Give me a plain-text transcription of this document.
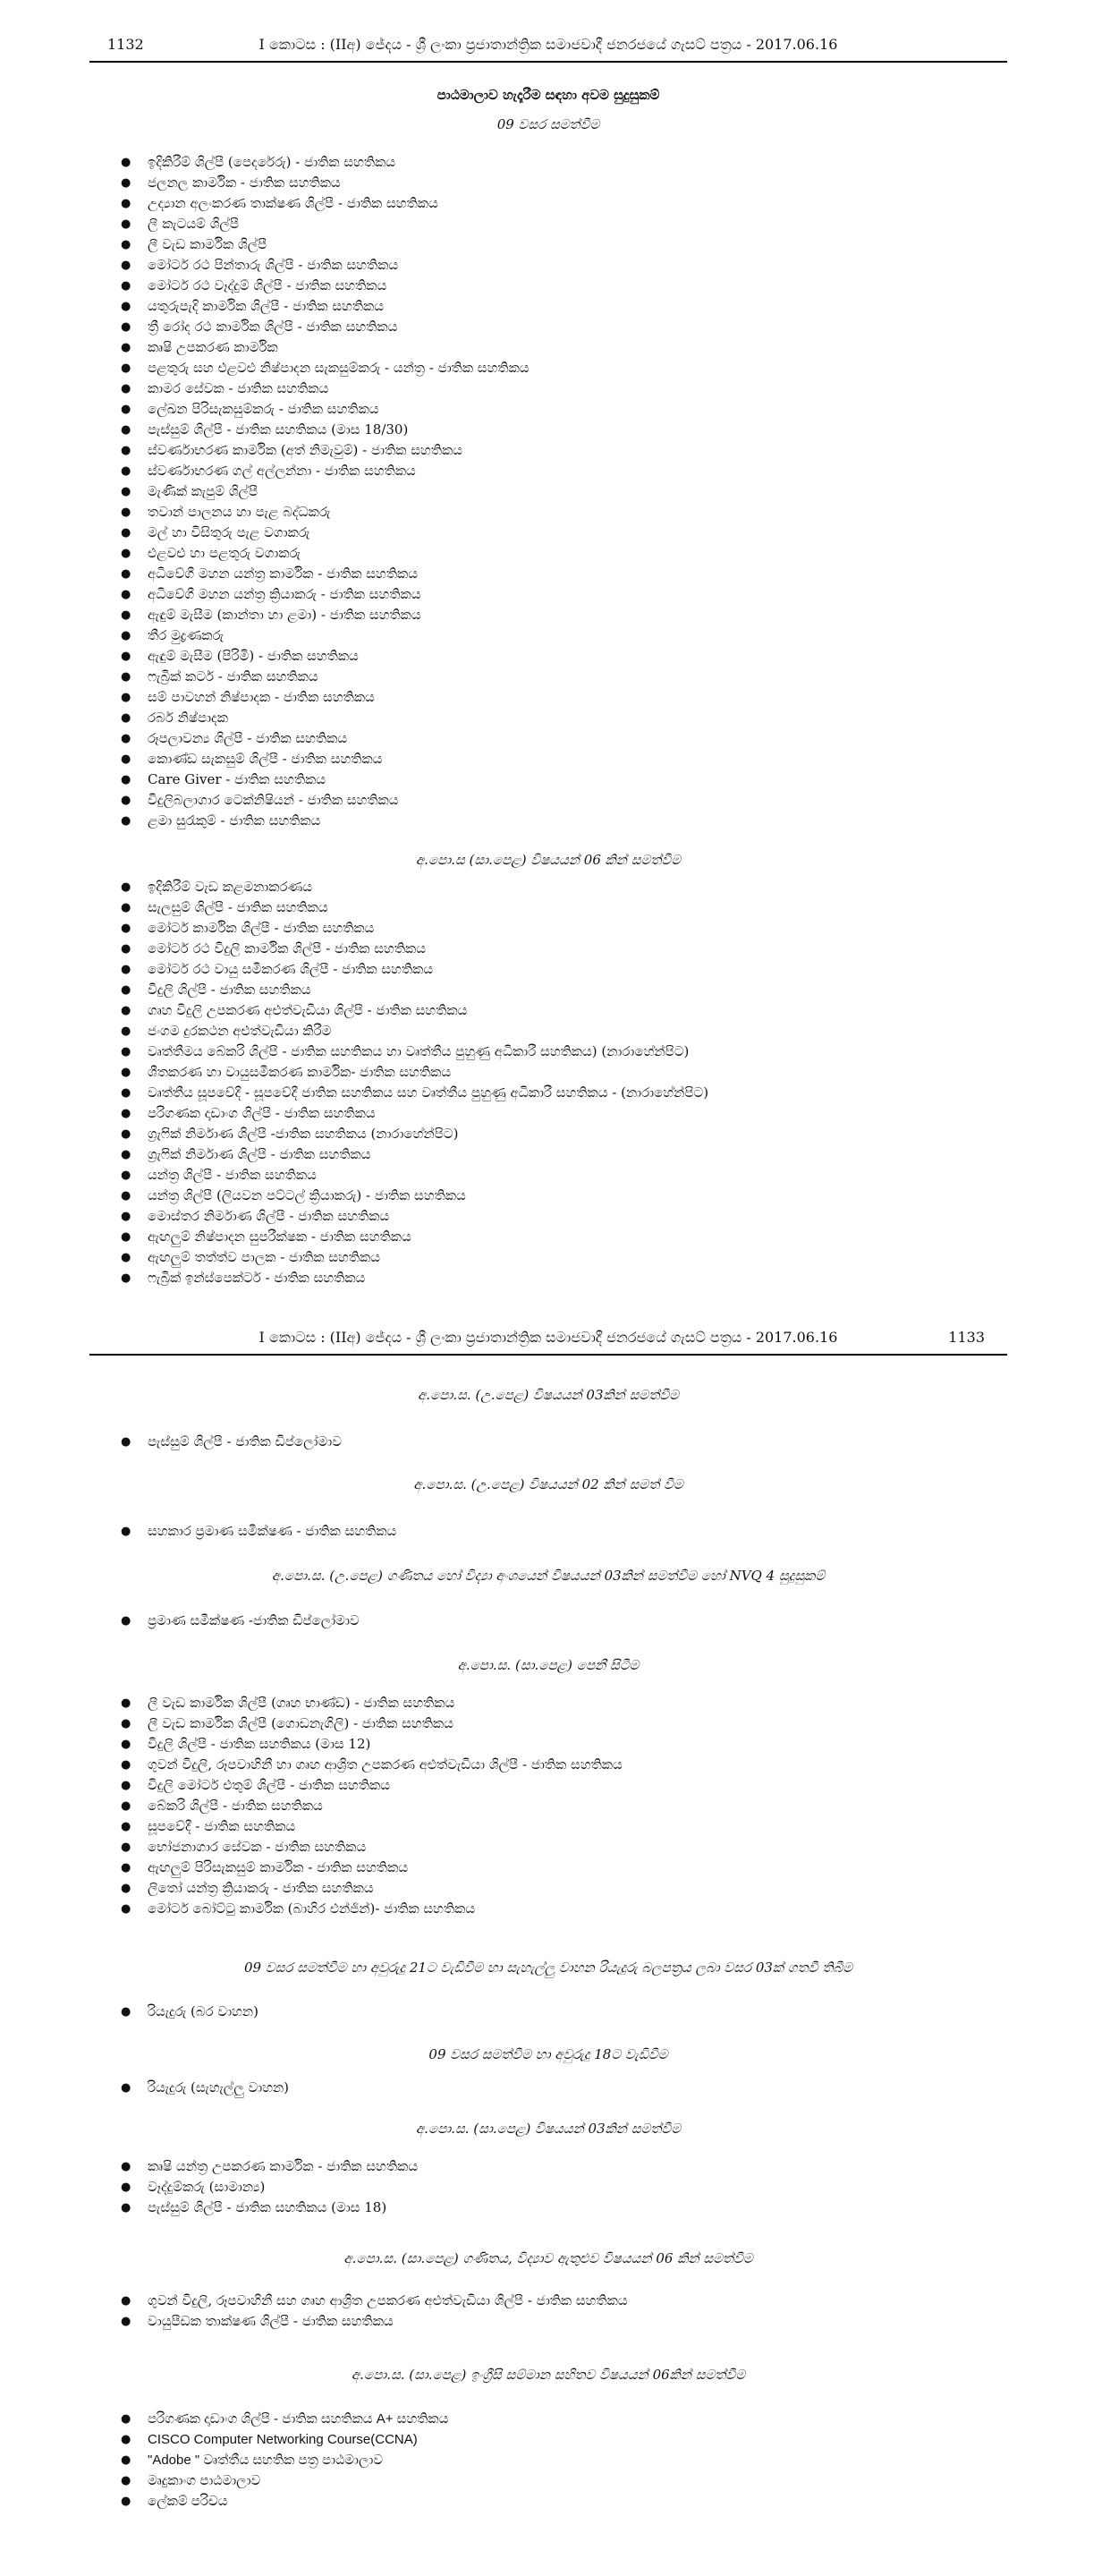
1132	I කොටස : (IIඅ) ජේදය - ශ්‍රී ලංකා ප්‍රජාතාන්ත්‍රික සමාජවාදී ජනරජයේ ගැසට් පත්‍රය - 2017.06.16
පාඨමාලාව හැදෑරීම සඳහා අවම සුදුසුකම්
09 වසර සමත්වීම
● ඉදිකිරීම් ශිල්පී (පෙදරේරු) - ජාතික සහතිකය
● ජලනල කාර්මික - ජාතික සහතිකය
● උද්‍යාන අලංකරණ තාක්ෂණ ශිල්පී - ජාතික සහතිකය
● ලී කැටයම් ශිල්පී
● ලී වැඩ කාර්මික ශිල්පී
● මෝටර් රථ පින්තාරු ශිල්පී - ජාතික සහතිකය
● මෝටර් රථ වෑද්දුම් ශිල්පී - ජාතික සහතිකය
● යතුරුපැදි කාර්මික ශිල්පී - ජාතික සහතිකය
● ත්‍රී රෝද රථ කාර්මික ශිල්පී - ජාතික සහතිකය
● කෘෂි උපකරණ කාර්මික
● පළතුරු සහ එළවළු නිෂ්පාදන සැකසුම්කරු - යන්ත්‍ර - ජාතික සහතිකය
● කාමර සේවක - ජාතික සහතිකය
● ලේඛන පිරිසැකසුම්කරු - ජාතික සහතිකය
● පැස්සුම් ශිල්පී - ජාතික සහතිකය (මාස 18/30)
● ස්වර්ණාභරණ කාර්මික (අත් නිමැවුම්) - ජාතික සහතිකය
● ස්වර්ණාභරණ ගල් අල්ලන්නා - ජාතික සහතිකය
● මැණික් කැපුම් ශිල්පී
● තවාන් පාලනය හා පැළ බද්ධකරු
● මල් හා විසිතුරු පැළ වගාකරු
● එළවළු හා පළතුරු වගාකරු
● අධිවේගී මහන යන්ත්‍ර කාර්මික - ජාතික සහතිකය
● අධිවේගී මහන යන්ත්‍ර ක්‍රියාකරු - ජාතික සහතිකය
● ඇඳුම් මැසීම (කාන්තා හා ළමා) - ජාතික සහතිකය
● තීර මුද්‍රණකරු
● ඇඳුම් මැසීම (පිරිමි) - ජාතික සහතිකය
● ෆැබ්‍රික් කටර් - ජාතික සහතිකය
● සම් පාවහන් නිෂ්පාදක - ජාතික සහතිකය
● රබර් නිෂ්පාදක
● රූපලාවන්‍ය ශිල්පී - ජාතික සහතිකය
● කොණ්ඩ සැකසුම් ශිල්පී - ජාතික සහතිකය
● Care Giver - ජාතික සහතිකය
● විදුලිබලාගාර ටෙක්නිෂියන් - ජාතික සහතිකය
● ළමා සුරැකුම් - ජාතික සහතිකය
අ.පො.ස (සා.පෙළ) විෂයයන් 06 කින් සමත්වීම
● ඉදිකිරීම් වැඩ කළමනාකරණය
● සැලසුම් ශිල්පී - ජාතික සහතිකය
● මෝටර් කාර්මික ශිල්පී - ජාතික සහතිකය
● මෝටර් රථ විදුලි කාර්මික ශිල්පී - ජාතික සහතිකය
● මෝටර් රථ වායු සමීකරණ ශිල්පී - ජාතික සහතිකය
● විදුලි ශිල්පී - ජාතික සහතිකය
● ගෘහ විදුලි උපකරණ අළුත්වැඩියා ශිල්පී - ජාතික සහතිකය
● ජංගම දුරකථන අළුත්වැඩියා කිරීම
● වෘත්තීමය බේකරි ශිල්පී - ජාතික සහතිකය හා වෘත්තීය පුහුණු අධිකාරී සහතිකය) (නාරාහේන්පිට)
● ශීතකරණ හා වායුසමීකරණ කාර්මික- ජාතික සහතිකය
● වෘත්තීය සූපවේදී - සූපවේදී ජාතික සහතිකය සහ වෘත්තීය පුහුණු අධිකාරී සහතිකය - (නාරාහේන්පිට)
● පරිගණක දෘඩාංග ශිල්පී - ජාතික සහතිකය
● ග්‍රැෆික් නිර්මාණ ශිල්පී -ජාතික සහතිකය (නාරාහේන්පිට)
● ග්‍රැෆික් නිර්මාණ ශිල්පී - ජාතික සහතිකය
● යන්ත්‍ර ශිල්පී - ජාතික සහතිකය
● යන්ත්‍ර ශිල්පී (ලියවන පට්ටල් ක්‍රියාකරු) - ජාතික සහතිකය
● මොස්තර නිර්මාණ ශිල්පී - ජාතික සහතිකය
● ඇඟලුම් නිෂ්පාදන සුපරීක්ෂක - ජාතික සහතිකය
● ඇඟලුම් තත්ත්ව පාලක - ජාතික සහතිකය
● ෆැබ්‍රික් ඉන්ස්පෙක්ටර් - ජාතික සහතිකය
I කොටස : (IIඅ) ජේදය - ශ්‍රී ලංකා ප්‍රජාතාන්ත්‍රික සමාජවාදී ජනරජයේ ගැසට් පත්‍රය - 2017.06.16	1133
අ.පො.ස. (උ.පෙළ) විෂයයන් 03කින් සමත්වීම
● පැස්සුම් ශිල්පී - ජාතික ඩිප්ලෝමාව
අ.පො.ස. (උ.පෙළ) විෂයයන් 02 කින් සමත් වීම
● සහකාර ප්‍රමාණ සමීක්ෂණ - ජාතික සහතිකය
අ.පො.ස. (උ.පෙළ) ගණිතය හෝ විද්‍යා අංශයෙන් විෂයයන් 03කින් සමත්වීම හෝ NVQ 4 සුදුසුකම්
● ප්‍රමාණ සමීක්ෂණ -ජාතික ඩිප්ලෝමාව
අ.පො.ස. (සා.පෙළ) පෙනී සිටීම
● ලී වැඩ කාර්මික ශිල්පී (ගෘහ භාණ්ඩ) - ජාතික සහතිකය
● ලී වැඩ කාර්මික ශිල්පී (ගොඩනැගිලි) - ජාතික සහතිකය
● විදුලි ශිල්පී - ජාතික සහතිකය (මාස 12)
● ගුවන් විදුලි, රූපවාහිනී හා ගෘහ ආශ්‍රිත උපකරණ අළුත්වැඩියා ශිල්පී - ජාතික සහතිකය
● විදුලි මෝටර් එතුම් ශිල්පී - ජාතික සහතිකය
● බේකරි ශිල්පී - ජාතික සහතිකය
● සූපවේදී - ජාතික සහතිකය
● භෝජනාගාර සේවක - ජාතික සහතිකය
● ඇඟලුම් පිරිසැකසුම් කාර්මික - ජාතික සහතිකය
● ලිතෝ යන්ත්‍ර ක්‍රියාකරු - ජාතික සහතිකය
● මෝටර් බෝට්ටු කාර්මික (බාහිර එන්ජින්)- ජාතික සහතිකය
09 වසර සමත්වීම හා අවුරුදු 21ට වැඩිවීම හා සැහැල්ලු වාහන රියැදුරු බලපත්‍රය ලබා වසර 03ක් ගතවී තිබීම
● රියැදුරු (බර වාහන)
09 වසර සමත්වීම හා අවුරුදු 18ට වැඩිවීම
● රියැදුරු (සැහැල්ලු වාහන)
අ.පො.ස. (සා.පෙළ) විෂයයන් 03කින් සමත්වීම
● කෘෂි යන්ත්‍ර උපකරණ කාර්මික - ජාතික සහතිකය
● වෑද්දුම්කරු (සාමාන්‍ය)
● පැස්සුම් ශිල්පී - ජාතික සහතිකය (මාස 18)
අ.පො.ස. (සා.පෙළ) ගණිතය, විද්‍යාව ඇතුළුව විෂයයන් 06 කින් සමත්වීම
● ගුවන් විදුලි, රූපවාහිනී සහ ගෘහ ආශ්‍රිත උපකරණ අළුත්වැඩියා ශිල්පී - ජාතික සහතිකය
● වායුපීඩක තාක්ෂණ ශිල්පී - ජාතික සහතිකය
අ.පො.ස. (සා.පෙළ) ඉංග්‍රීසි සම්මාන සහිතව විෂයයන් 06කින් සමත්වීම
● පරිගණක දෘඩාංග ශිල්පී - ජාතික සහතිකය A+ සහතිකය
● CISCO Computer Networking Course(CCNA)
● "Adobe " වෘත්තීය සහතික පත්‍ර පාඨමාලාව
● මෘදුකාංග පාඨමාලාව
● ලේකම් පරිචය
